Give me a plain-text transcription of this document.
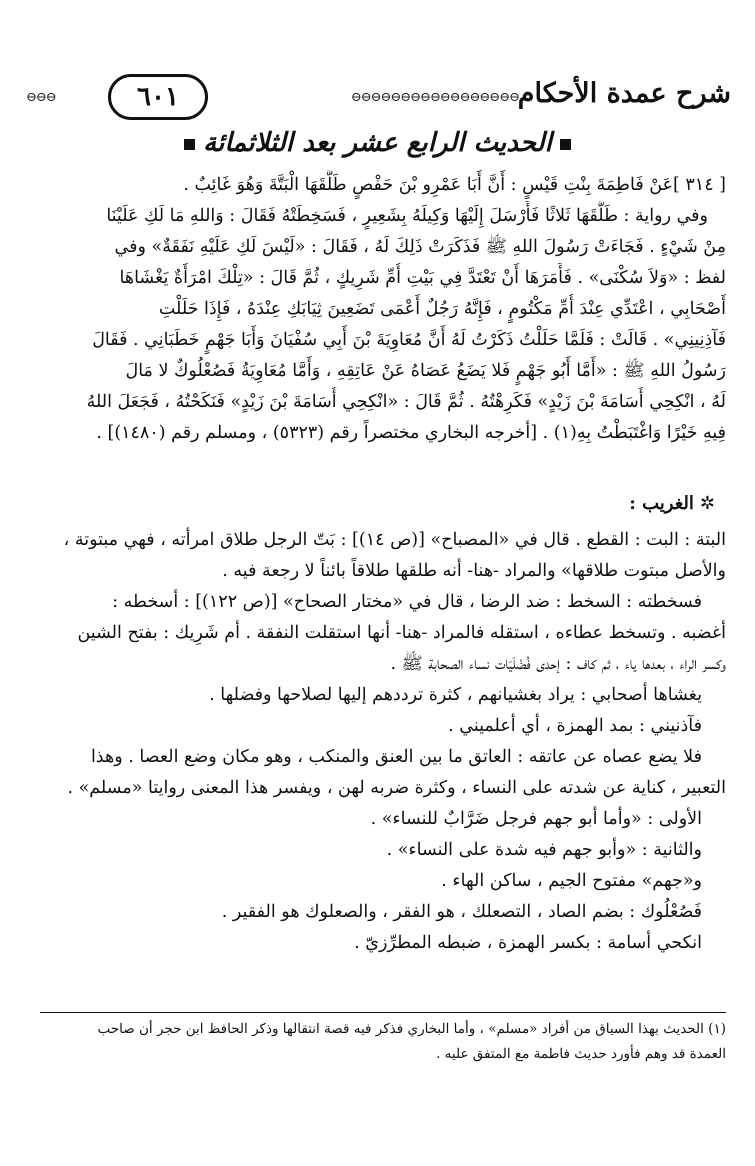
شرح عمدة الأحكام
⊖⊖⊖⊖⊖⊖⊖⊖⊖⊖⊖⊖⊖⊖⊖⊖⊖
٦٠١
⊖⊖⊖
الحديث الرابع عشر بعد الثلاثمائة
[ ٣١٤ ]عَنْ فَاطِمَةَ بِنْتِ قَيْسٍ : أَنَّ أَبَا عَمْرِو بْنَ حَفْصٍ طَلَّقَهَا الْبَتَّةَ وَهُوَ غَائِبٌ .
وفي رواية : طَلَّقَهَا ثَلاثًا فَأَرْسَلَ إِلَيْهَا وَكِيلَهُ بِشَعِيرٍ ، فَسَخِطَتْهُ فَقَالَ : وَاللهِ مَا لَكِ عَلَيْنَا
مِنْ شَيْءٍ . فَجَاءَتْ رَسُولَ اللهِ ﷺ فَذَكَرَتْ ذَلِكَ لَهُ ، فَقَالَ : «لَيْسَ لَكِ عَلَيْهِ نَفَقَةٌ» وفي
لفظ : «وَلاَ سُكْنَى» . فَأَمَرَهَا أَنْ تَعْتَدَّ فِي بَيْتِ أُمِّ شَرِيكٍ ، ثُمَّ قَالَ : «تِلْكَ امْرَأَةٌ يَغْشَاهَا
أَصْحَابِي ، اعْتَدِّي عِنْدَ أُمِّ مَكْتُومٍ ، فَإِنَّهُ رَجُلٌ أَعْمَى تَضَعِينَ ثِيَابَكِ عِنْدَهُ ، فَإِذَا حَلَلْتِ
فَآذِنِينِي» . قَالَتْ : فَلَمَّا حَلَلْتُ ذَكَرْتُ لَهُ أَنَّ مُعَاوِيَةَ بْنَ أَبِي سُفْيَانَ وَأَبَا جَهْمٍ خَطَبَانِي . فَقَالَ
رَسُولُ اللهِ ﷺ : «أَمَّا أَبُو جَهْمٍ فَلا يَضَعُ عَصَاهُ عَنْ عَاتِقِهِ ، وَأَمَّا مُعَاوِيَةُ فَصُعْلُوكٌ لا مَالَ
لَهُ ، انْكِحِي أُسَامَةَ بْنَ زَيْدٍ» فَكَرِهْتُهُ . ثُمَّ قَالَ : «انْكِحِي أُسَامَةَ بْنَ زَيْدٍ» فَنَكَحْتُهُ ، فَجَعَلَ اللهُ
فِيهِ خَيْرًا وَاغْتَبَطْتُ بِهِ(١) . [أخرجه البخاري مختصراً رقم (٥٣٢٣) ، ومسلم رقم (١٤٨٠)] .
✲الغريب :
البتة : البت : القطع . قال في «المصباح» [(ص ١٤)] : بَتّ الرجل طلاق امرأته ، فهي مبتوتة ،
والأصل مبتوت طلاقها» والمراد -هنا- أنه طلقها طلاقاً بائناً لا رجعة فيه .
فسخطته : السخط : ضد الرضا ، قال في «مختار الصحاح» [(ص ١٢٢)] : أسخطه :
أغضبه . وتسخط عطاءه ، استقله فالمراد -هنا- أنها استقلت النفقة . أم شَرِيك : بفتح الشين
وكسر الراء ، بعدها ياء ، ثم كاف : إحدى فُضْلَيَات نساء الصحابة ﷺ .
يغشاها أصحابي : يراد بغشيانهم ، كثرة ترددهم إليها لصلاحها وفضلها .
فآذنيني : بمد الهمزة ، أي أعلميني .
فلا يضع عصاه عن عاتقه : العاتق ما بين العنق والمنكب ، وهو مكان وضع العصا . وهذا
التعبير ، كناية عن شدته على النساء ، وكثرة ضربه لهن ، ويفسر هذا المعنى روايتا «مسلم» .
الأولى : «وأما أبو جهم فرجل ضَرَّابٌ للنساء» .
والثانية : «وأبو جهم فيه شدة على النساء» .
و«جهم» مفتوح الجيم ، ساكن الهاء .
فَصُعْلُوك : بضم الصاد ، التصعلك ، هو الفقر ، والصعلوك هو الفقير .
انكحي أسامة : بكسر الهمزة ، ضبطه المطرِّزيّ .
(١) الحديث بهذا السياق من أفراد «مسلم» ، وأما البخاري فذكر فيه قصة انتقالها وذكر الحافظ ابن حجر أن صاحب
العمدة قد وهم فأورد حديث فاطمة مع المتفق عليه .
